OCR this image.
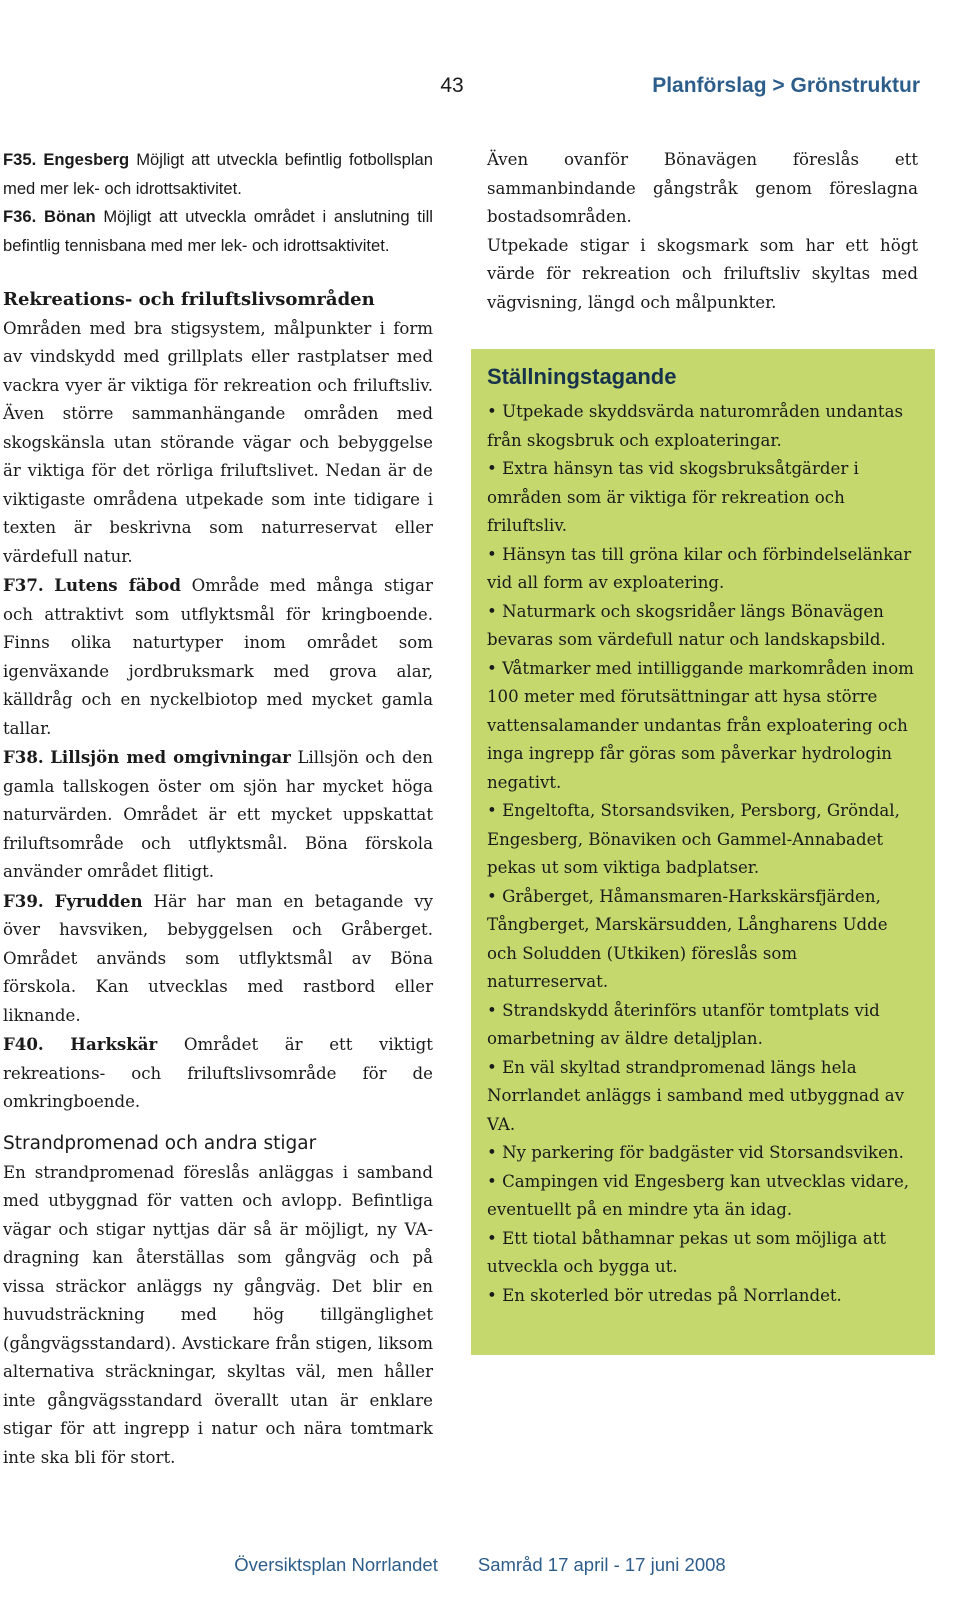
43	Planförslag > Grönstruktur

F35. Engesberg Möjligt att utveckla befintlig fotbollsplan med mer lek- och idrottsaktivitet.

F36. Bönan Möjligt att utveckla området i anslutning till befintlig tennisbana med mer lek- och idrottsaktivitet.

Rekreations- och friluftslivsområden

Områden med bra stigsystem, målpunkter i form av vindskydd med grillplats eller rastplatser med vackra vyer är viktiga för rekreation och friluftsliv. Även större sammanhängande områden med skogskänsla utan störande vägar och bebyggelse är viktiga för det rörliga friluftslivet. Nedan är de viktigaste områdena utpekade som inte tidigare i texten är beskrivna som naturreservat eller värdefull natur.

F37. Lutens fäbod Område med många stigar och attraktivt som utflyktsmål för kringboende. Finns olika naturtyper inom området som igenväxande jordbruksmark med grova alar, källdråg och en nyckelbiotop med mycket gamla tallar.

F38. Lillsjön med omgivningar Lillsjön och den gamla tallskogen öster om sjön har mycket höga naturvärden. Området är ett mycket uppskattat friluftsområde och utflyktsmål. Böna förskola använder området flitigt.

F39. Fyrudden Här har man en betagande vy över havsviken, bebyggelsen och Gråberget. Området används som utflyktsmål av Böna förskola. Kan utvecklas med rastbord eller liknande.

F40. Harkskär Området är ett viktigt rekreations- och friluftslivsområde för de omkringboende.

Strandpromenad och andra stigar

En strandpromenad föreslås anläggas i samband med utbyggnad för vatten och avlopp. Befintliga vägar och stigar nyttjas där så är möjligt, ny VA-dragning kan återställas som gångväg och på vissa sträckor anläggs ny gångväg. Det blir en huvudsträckning med hög tillgänglighet (gångvägsstandard). Avstickare från stigen, liksom alternativa sträckningar, skyltas väl, men håller inte gångvägsstandard överallt utan är enklare stigar för att ingrepp i natur och nära tomtmark inte ska bli för stort.

Även ovanför Bönavägen föreslås ett sammanbindande gångstråk genom föreslagna bostadsområden.

Utpekade stigar i skogsmark som har ett högt värde för rekreation och friluftsliv skyltas med vägvisning, längd och målpunkter.

Ställningstagande
• Utpekade skyddsvärda naturområden undantas från skogsbruk och exploateringar.
• Extra hänsyn tas vid skogsbruksåtgärder i områden som är viktiga för rekreation och friluftsliv.
• Hänsyn tas till gröna kilar och förbindelselänkar vid all form av exploatering.
• Naturmark och skogsridåer längs Bönavägen bevaras som värdefull natur och landskapsbild.
• Våtmarker med intilliggande markområden inom 100 meter med förutsättningar att hysa större vattensalamander undantas från exploatering och inga ingrepp får göras som påverkar hydrologin negativt.
• Engeltofta, Storsandsviken, Persborg, Gröndal, Engesberg, Bönaviken och Gammel-Annabadet pekas ut som viktiga badplatser.
• Gråberget, Håmansmaren-Harkskärsfjärden, Tångberget, Marskärsudden, Långharens Udde och Soludden (Utkiken) föreslås som naturreservat.
• Strandskydd återinförs utanför tomtplats vid omarbetning av äldre detaljplan.
• En väl skyltad strandpromenad längs hela Norrlandet anläggs i samband med utbyggnad av VA.
• Ny parkering för badgäster vid Storsandsviken.
• Campingen vid Engesberg kan utvecklas vidare, eventuellt på en mindre yta än idag.
• Ett tiotal båthamnar pekas ut som möjliga att utveckla och bygga ut.
• En skoterled bör utredas på Norrlandet.
Översiktsplan Norrlandet Samråd 17 april - 17 juni 2008
